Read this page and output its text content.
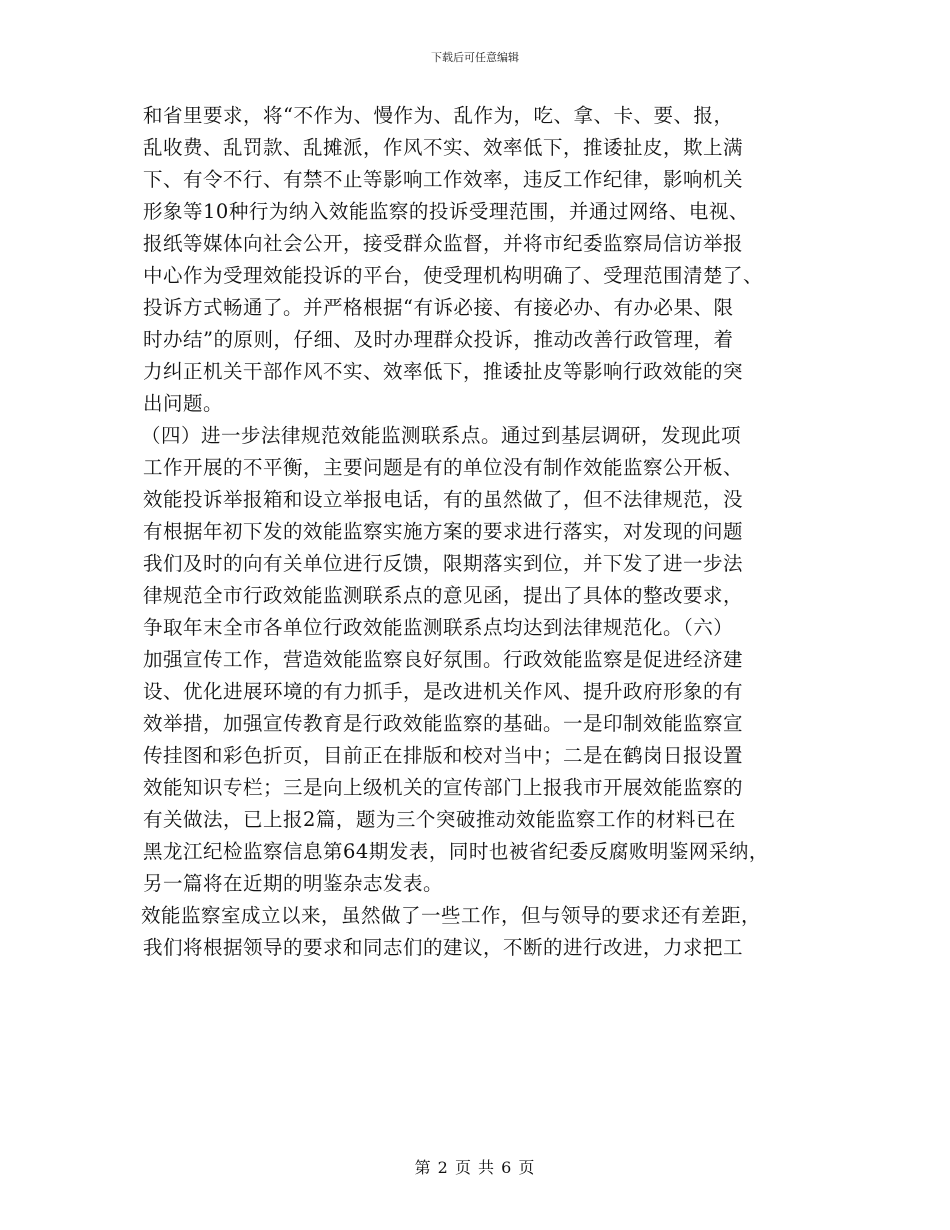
下载后可任意编辑
和省里要求，将“不作为、慢作为、乱作为，吃、拿、卡、要、报，
乱收费、乱罚款、乱摊派，作风不实、效率低下，推诿扯皮，欺上满
下、有令不行、有禁不止等影响工作效率，违反工作纪律，影响机关
形象等10种行为纳入效能监察的投诉受理范围，并通过网络、电视、
报纸等媒体向社会公开，接受群众监督，并将市纪委监察局信访举报
中心作为受理效能投诉的平台，使受理机构明确了、受理范围清楚了、
投诉方式畅通了。并严格根据“有诉必接、有接必办、有办必果、限
时办结”的原则，仔细、及时办理群众投诉，推动改善行政管理，着
力纠正机关干部作风不实、效率低下，推诿扯皮等影响行政效能的突
出问题。
（四）进一步法律规范效能监测联系点。通过到基层调研，发现此项
工作开展的不平衡，主要问题是有的单位没有制作效能监察公开板、
效能投诉举报箱和设立举报电话，有的虽然做了，但不法律规范，没
有根据年初下发的效能监察实施方案的要求进行落实，对发现的问题
我们及时的向有关单位进行反馈，限期落实到位，并下发了进一步法
律规范全市行政效能监测联系点的意见函，提出了具体的整改要求，
争取年末全市各单位行政效能监测联系点均达到法律规范化。（六）
加强宣传工作，营造效能监察良好氛围。行政效能监察是促进经济建
设、优化进展环境的有力抓手，是改进机关作风、提升政府形象的有
效举措，加强宣传教育是行政效能监察的基础。一是印制效能监察宣
传挂图和彩色折页，目前正在排版和校对当中；二是在鹤岗日报设置
效能知识专栏；三是向上级机关的宣传部门上报我市开展效能监察的
有关做法，已上报2篇，题为三个突破推动效能监察工作的材料已在
黑龙江纪检监察信息第64期发表，同时也被省纪委反腐败明鉴网采纳，
另一篇将在近期的明鉴杂志发表。
效能监察室成立以来，虽然做了一些工作，但与领导的要求还有差距，
我们将根据领导的要求和同志们的建议，不断的进行改进，力求把工
第 2 页 共 6 页
